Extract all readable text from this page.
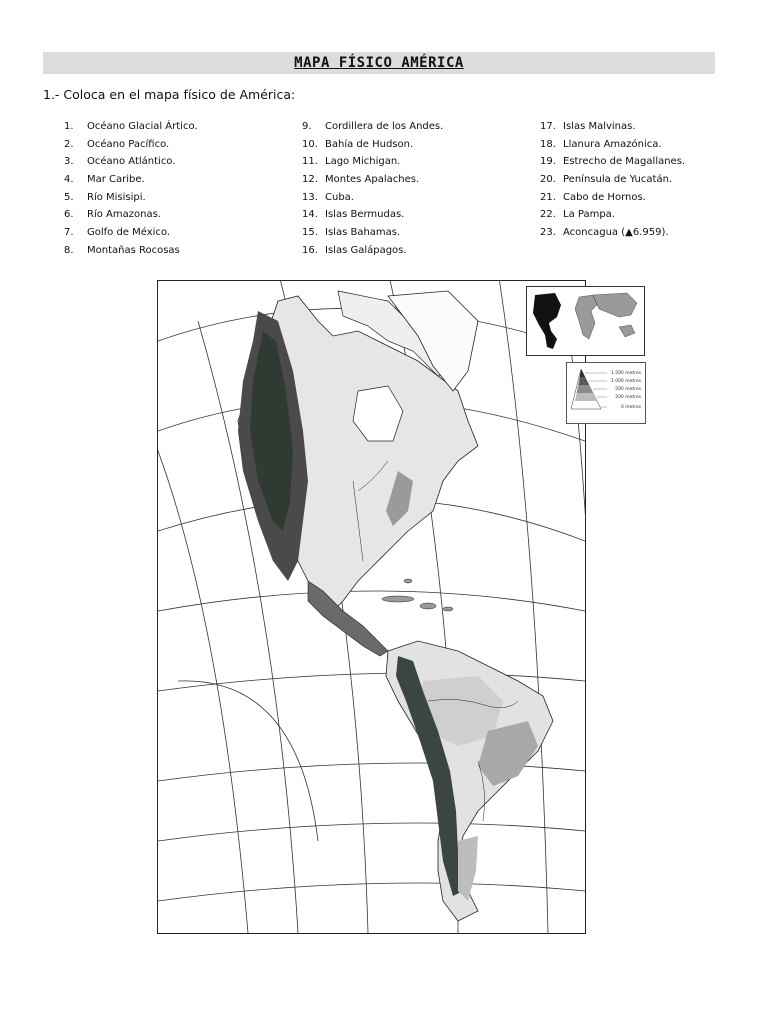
MAPA FÍSICO AMÉRICA
1.- Coloca en el mapa físico de América:
1. Océano Glacial Ártico.
2. Océano Pacífico.
3. Océano Atlántico.
4. Mar Caribe.
5. Río Misisipi.
6. Río Amazonas.
7. Golfo de México.
8. Montañas Rocosas
9. Cordillera de los Andes.
10. Bahía de Hudson.
11. Lago Michigan.
12. Montes Apalaches.
13. Cuba.
14. Islas Bermudas.
15. Islas Bahamas.
16. Islas Galápagos.
17. Islas Malvinas.
18. Llanura Amazónica.
19. Estrecho de Magallanes.
20. Península de Yucatán.
21. Cabo de Hornos.
22. La Pampa.
23. Aconcagua (▲6.959).
1.500 metros
1.000 metros
500 metros
200 metros
0 metros
